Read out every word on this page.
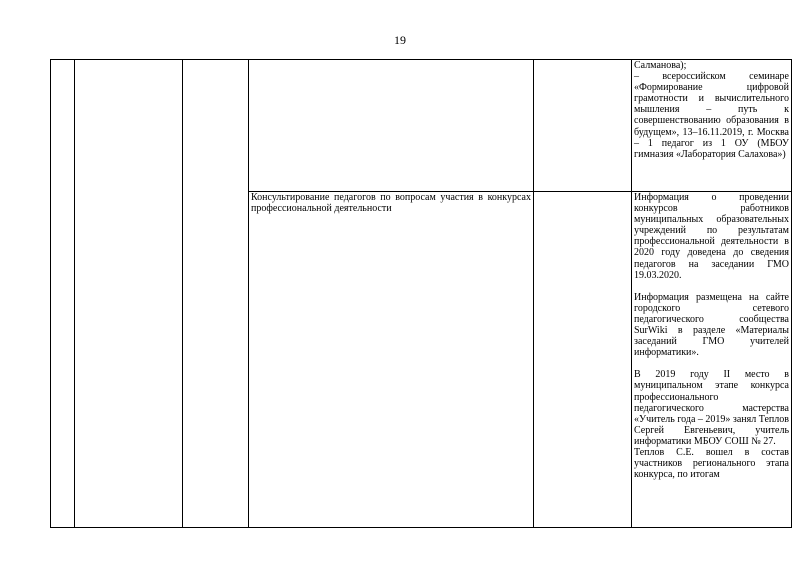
19

					Салманова);
– всероссийском семинаре «Формирование цифровой грамотности и вычислительного мышления – путь к совершенствованию образования в будущем», 13–16.11.2019, г. Москва – 1 педагог из 1 ОУ (МБОУ гимназия «Лаборатория Салахова»)

			Консультирование педагогов по вопросам участия в конкурсах профессиональной деятельности		Информация о проведении конкурсов работников муниципальных образовательных учреждений по результатам профессиональной деятельности в 2020 году доведена до сведения педагогов на заседании ГМО 19.03.2020.
Информация размещена на сайте городского сетевого педагогического сообщества SurWiki в разделе «Материалы заседаний ГМО учителей информатики».
В 2019 году II место в муниципальном этапе конкурса профессионального педагогического мастерства «Учитель года – 2019» занял Теплов Сергей Евгеньевич, учитель информатики МБОУ СОШ № 27.
Теплов С.Е. вошел в состав участников регионального этапа конкурса, по итогам
